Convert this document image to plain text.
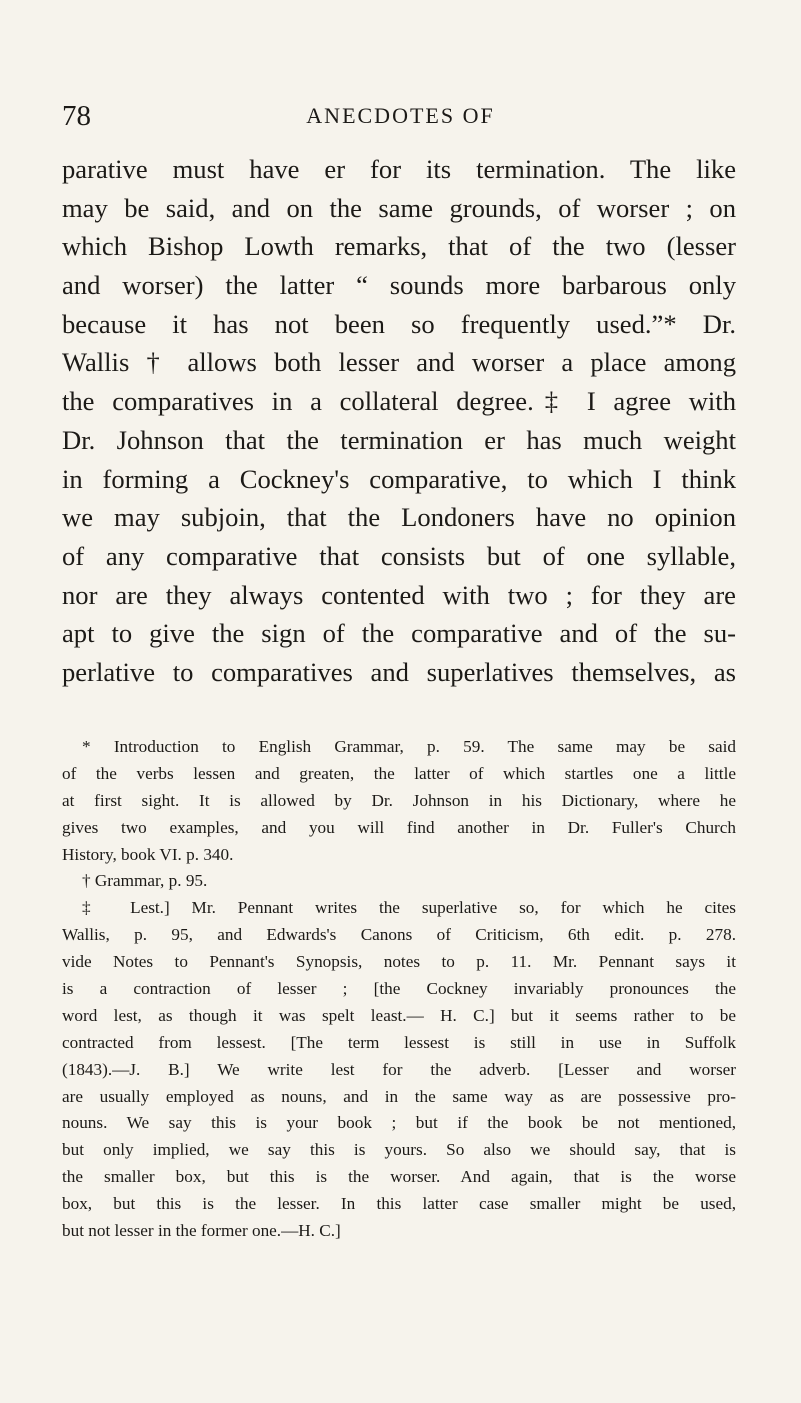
78	ANECDOTES OF
parative must have er for its termination. The like
may be said, and on the same grounds, of worser ; on
which Bishop Lowth remarks, that of the two (lesser
and worser) the latter “ sounds more barbarous only
because it has not been so frequently used.”* Dr.
Wallis † allows both lesser and worser a place among
the comparatives in a collateral degree.‡ I agree with
Dr. Johnson that the termination er has much weight
in forming a Cockney's comparative, to which I think
we may subjoin, that the Londoners have no opinion
of any comparative that consists but of one syllable,
nor are they always contented with two ; for they are
apt to give the sign of the comparative and of the su-
perlative to comparatives and superlatives themselves, as
* Introduction to English Grammar, p. 59. The same may be said
of the verbs lessen and greaten, the latter of which startles one a little
at first sight. It is allowed by Dr. Johnson in his Dictionary, where he
gives two examples, and you will find another in Dr. Fuller's Church
History, book VI. p. 340.
† Grammar, p. 95.
‡ Lest.] Mr. Pennant writes the superlative so, for which he cites
Wallis, p. 95, and Edwards's Canons of Criticism, 6th edit. p. 278.
vide Notes to Pennant's Synopsis, notes to p. 11. Mr. Pennant says it
is a contraction of lesser ; [the Cockney invariably pronounces the
word lest, as though it was spelt least.— H. C.] but it seems rather to be
contracted from lessest. [The term lessest is still in use in Suffolk
(1843).—J. B.] We write lest for the adverb. [Lesser and worser
are usually employed as nouns, and in the same way as are possessive pro-
nouns. We say this is your book ; but if the book be not mentioned,
but only implied, we say this is yours. So also we should say, that is
the smaller box, but this is the worser. And again, that is the worse
box, but this is the lesser. In this latter case smaller might be used,
but not lesser in the former one.—H. C.]
